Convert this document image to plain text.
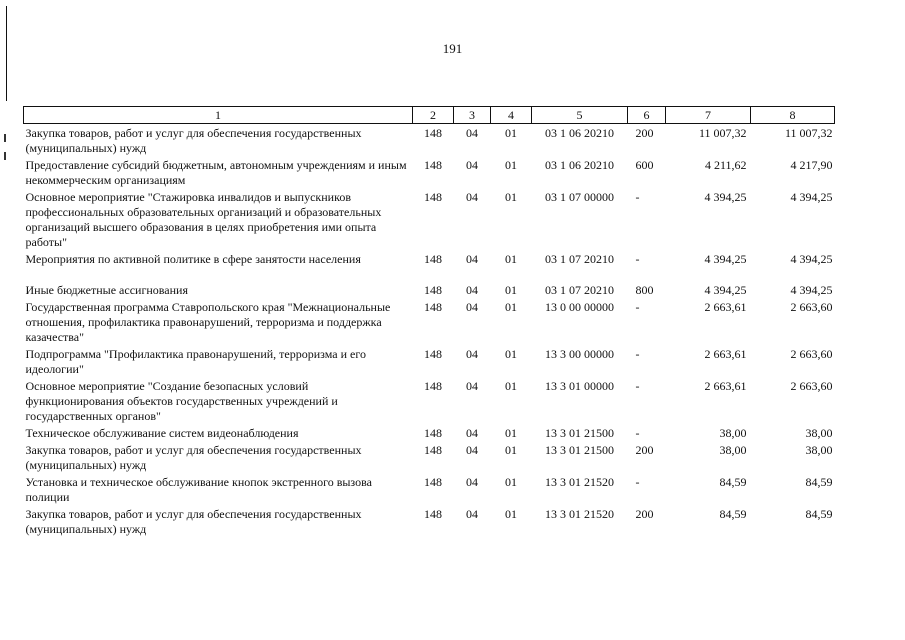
191
1	2	3	4	5	6	7	8
Закупка товаров, работ и услуг для обеспечения государственных (муниципальных) нужд	148	04	01	03 1 06 20210	200	11 007,32	11 007,32
Предоставление субсидий бюджетным, автономным учреждениям и иным некоммерческим организациям	148	04	01	03 1 06 20210	600	4 211,62	4 217,90
Основное мероприятие "Стажировка инвалидов и выпускников профессиональных образовательных организаций и образовательных организаций высшего образования в целях приобретения ими опыта работы"	148	04	01	03 1 07 00000	-	4 394,25	4 394,25
Мероприятия по активной политике в сфере занятости населения	148	04	01	03 1 07 20210	-	4 394,25	4 394,25
Иные бюджетные ассигнования	148	04	01	03 1 07 20210	800	4 394,25	4 394,25
Государственная программа Ставропольского края "Межнациональные отношения, профилактика правонарушений, терроризма и поддержка казачества"	148	04	01	13 0 00 00000	-	2 663,61	2 663,60
Подпрограмма "Профилактика правонарушений, терроризма и его идеологии"	148	04	01	13 3 00 00000	-	2 663,61	2 663,60
Основное мероприятие "Создание безопасных условий функционирования объектов государственных учреждений и государственных органов"	148	04	01	13 3 01 00000	-	2 663,61	2 663,60
Техническое обслуживание систем видеонаблюдения	148	04	01	13 3 01 21500	-	38,00	38,00
Закупка товаров, работ и услуг для обеспечения государственных (муниципальных) нужд	148	04	01	13 3 01 21500	200	38,00	38,00
Установка и техническое обслуживание кнопок экстренного вызова полиции	148	04	01	13 3 01 21520	-	84,59	84,59
Закупка товаров, работ и услуг для обеспечения государственных (муниципальных) нужд	148	04	01	13 3 01 21520	200	84,59	84,59
